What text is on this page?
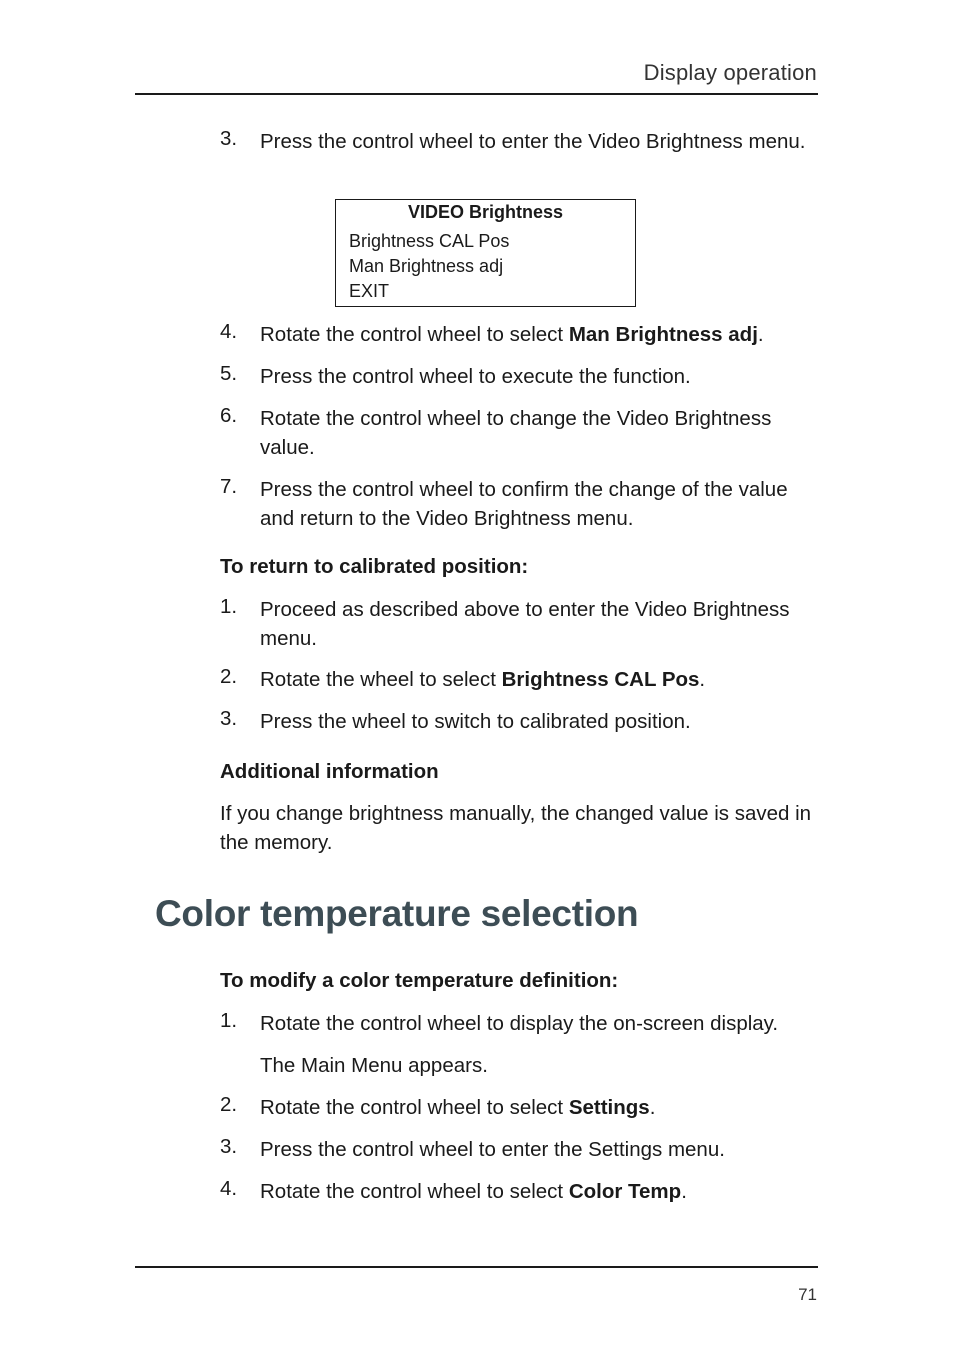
Display operation
3.	Press the control wheel to enter the Video Brightness menu.
VIDEO Brightness
Brightness CAL Pos
Man Brightness adj
EXIT
4.	Rotate the control wheel to select Man Brightness adj.
5.	Press the control wheel to execute the function.
6.	Rotate the control wheel to change the Video Brightness value.
7.	Press the control wheel to confirm the change of the value and return to the Video Brightness menu.
To return to calibrated position:
1.	Proceed as described above to enter the Video Brightness menu.
2.	Rotate the wheel to select Brightness CAL Pos.
3.	Press the wheel to switch to calibrated position.
Additional information
If you change brightness manually, the changed value is saved in the memory.
Color temperature selection
To modify a color temperature definition:
1.	Rotate the control wheel to display the on-screen display.
The Main Menu appears.
2.	Rotate the control wheel to select Settings.
3.	Press the control wheel to enter the Settings menu.
4.	Rotate the control wheel to select Color Temp.
71
